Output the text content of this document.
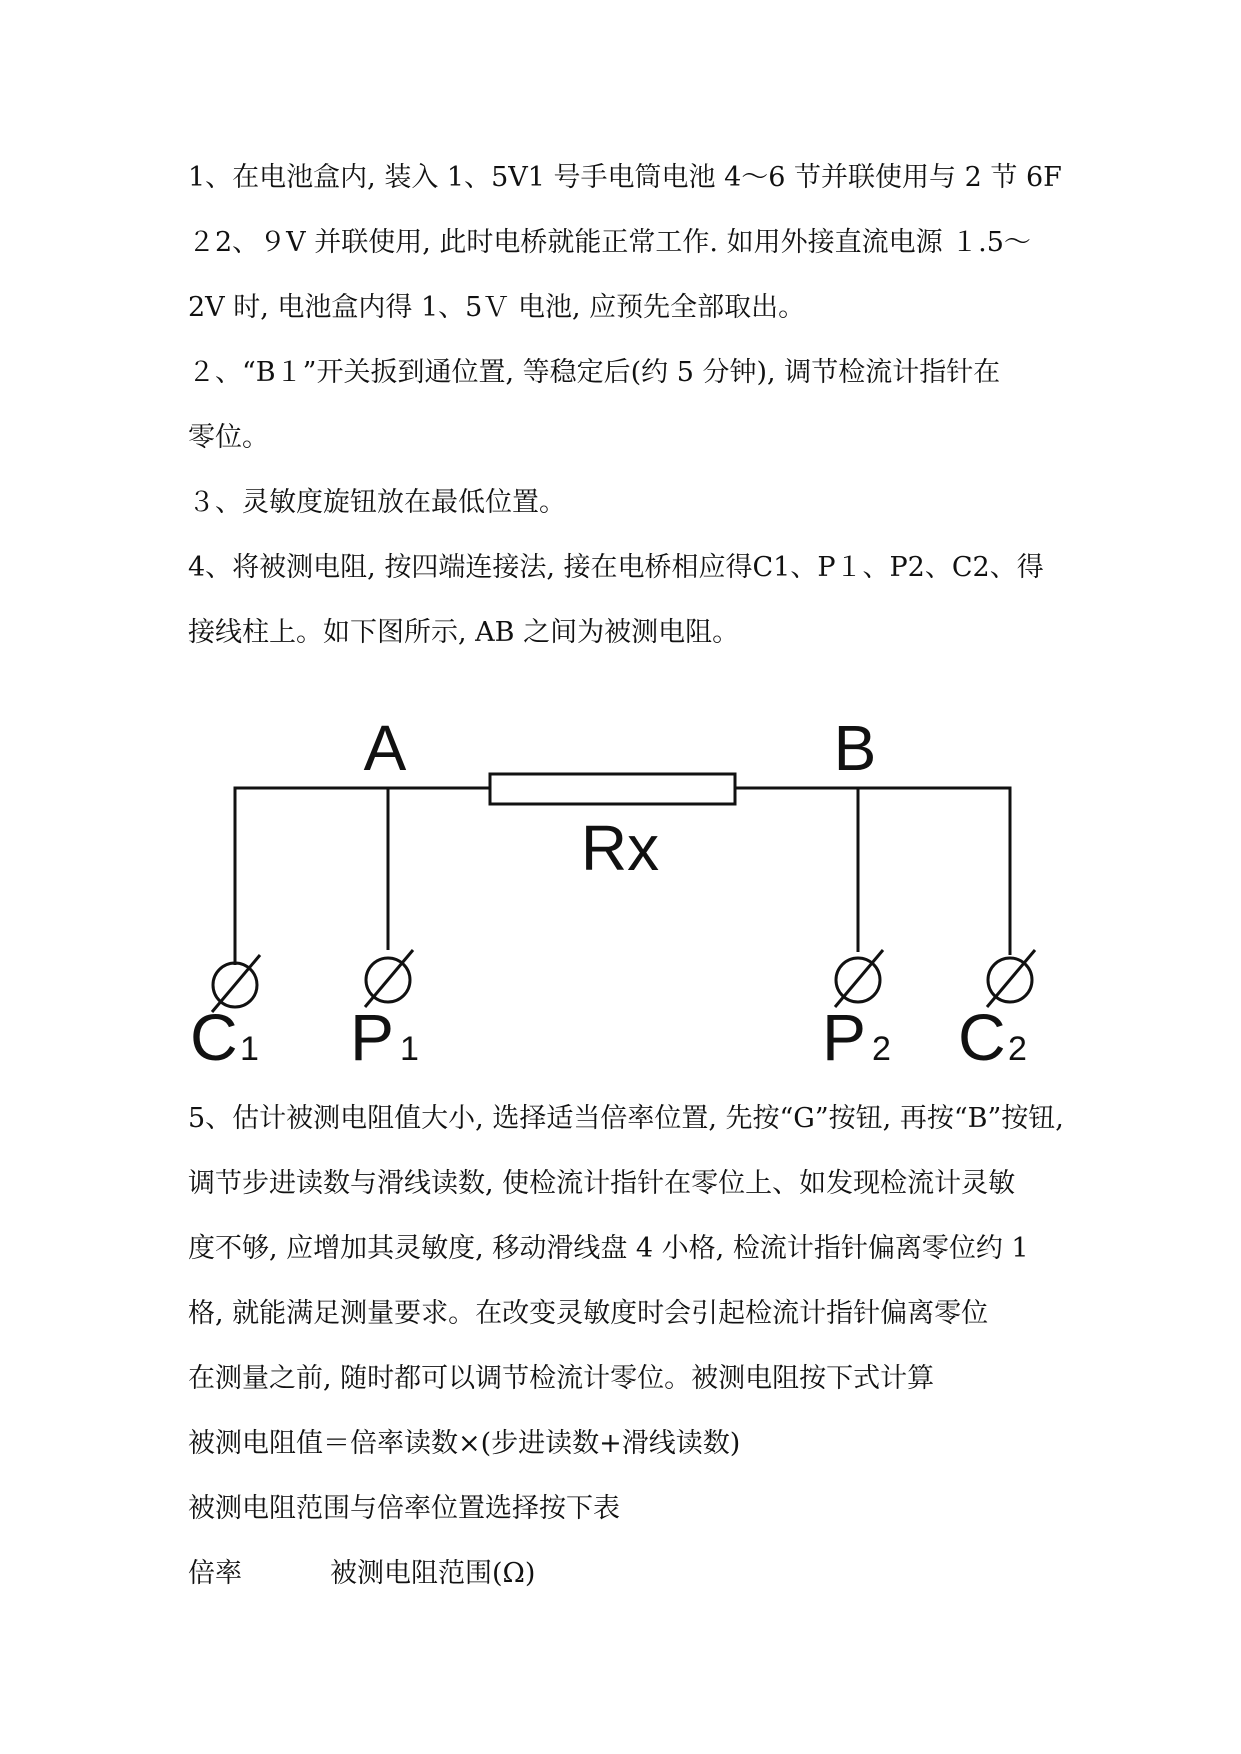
1、在电池盒内, 装入 1、5V1 号手电筒电池 4～6 节并联使用与 2 节 6F
２2、９V 并联使用, 此时电桥就能正常工作. 如用外接直流电源 １.5～
2V 时, 电池盒内得 1、5Ｖ 电池, 应预先全部取出。
２、“B１”开关扳到通位置, 等稳定后(约 5 分钟), 调节检流计指针在
零位。
３、灵敏度旋钮放在最低位置。
4、将被测电阻, 按四端连接法, 接在电桥相应得C1、P１、P2、C2、得
接线柱上。如下图所示, AB 之间为被测电阻。
A	B
Rx
C 1 P 1	P 2 C 2
5、估计被测电阻值大小, 选择适当倍率位置, 先按“G”按钮, 再按“B”按钮,
调节步进读数与滑线读数, 使检流计指针在零位上、如发现检流计灵敏
度不够, 应增加其灵敏度, 移动滑线盘 4 小格, 检流计指针偏离零位约 1
格, 就能满足测量要求。在改变灵敏度时会引起检流计指针偏离零位
在测量之前, 随时都可以调节检流计零位。被测电阻按下式计算
被测电阻值＝倍率读数×(步进读数+滑线读数)
被测电阻范围与倍率位置选择按下表
倍率	被测电阻范围(Ω)
